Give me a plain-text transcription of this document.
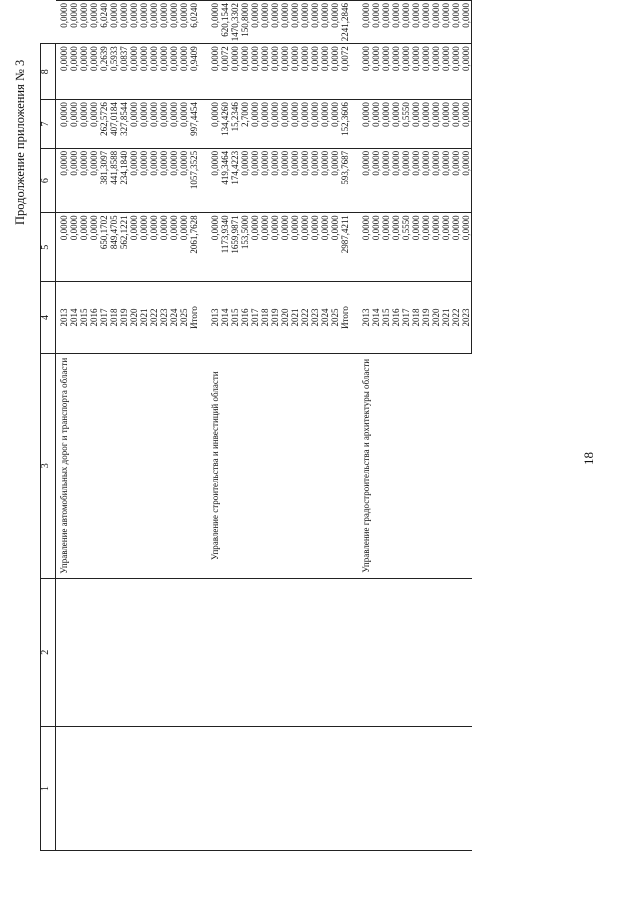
18
Продолжение приложения № 3
1	2	3	4	5	6	7	8	

		Управление автомобильных дорог и транспорта области	2013	0,0000	0,0000	0,0000	0,0000	0,0000
			2014	0,0000	0,0000	0,0000	0,0000	0,0000
			2015	0,0000	0,0000	0,0000	0,0000	0,0000
			2016	0,0000	0,0000	0,0000	0,0000	0,0000
			2017	650,1702	381,3097	262,5726	0,2639	6,0240
			2018	849,4705	441,8588	407,0184	0,5933	0,0000
			2019	562,1221	234,1840	327,8544	0,0837	0,0000
			2020	0,0000	0,0000	0,0000	0,0000	0,0000
			2021	0,0000	0,0000	0,0000	0,0000	0,0000
			2022	0,0000	0,0000	0,0000	0,0000	0,0000
			2023	0,0000	0,0000	0,0000	0,0000	0,0000
			2024	0,0000	0,0000	0,0000	0,0000	0,0000
			2025	0,0000	0,0000	0,0000	0,0000	0,0000
			Итого	2061,7628	1057,3525	997,4454	0,9409	6,0240

		Управление строительства и инвестиций области	2013	0,0000	0,0000	0,0000	0,0000	0,0000
			2014	1173,9340	419,3464	134,4260	0,0072	620,1544
			2015	1659,9871	174,4223	15,2346	0,0000	1470,3302
			2016	153,5000	0,0000	2,7000	0,0000	150,8000
			2017	0,0000	0,0000	0,0000	0,0000	0,0000
			2018	0,0000	0,0000	0,0000	0,0000	0,0000
			2019	0,0000	0,0000	0,0000	0,0000	0,0000
			2020	0,0000	0,0000	0,0000	0,0000	0,0000
			2021	0,0000	0,0000	0,0000	0,0000	0,0000
			2022	0,0000	0,0000	0,0000	0,0000	0,0000
			2023	0,0000	0,0000	0,0000	0,0000	0,0000
			2024	0,0000	0,0000	0,0000	0,0000	0,0000
			2025	0,0000	0,0000	0,0000	0,0000	0,0000
			Итого	2987,4211	593,7687	152,3606	0,0072	2241,2846

		Управление градостроительства и архитектуры области	2013	0,0000	0,0000	0,0000	0,0000	0,0000
			2014	0,0000	0,0000	0,0000	0,0000	0,0000
			2015	0,0000	0,0000	0,0000	0,0000	0,0000
			2016	0,0000	0,0000	0,0000	0,0000	0,0000
			2017	0,5550	0,0000	0,5550	0,0000	0,0000
			2018	0,0000	0,0000	0,0000	0,0000	0,0000
			2019	0,0000	0,0000	0,0000	0,0000	0,0000
			2020	0,0000	0,0000	0,0000	0,0000	0,0000
			2021	0,0000	0,0000	0,0000	0,0000	0,0000
			2022	0,0000	0,0000	0,0000	0,0000	0,0000
			2023	0,0000	0,0000	0,0000	0,0000	0,0000
